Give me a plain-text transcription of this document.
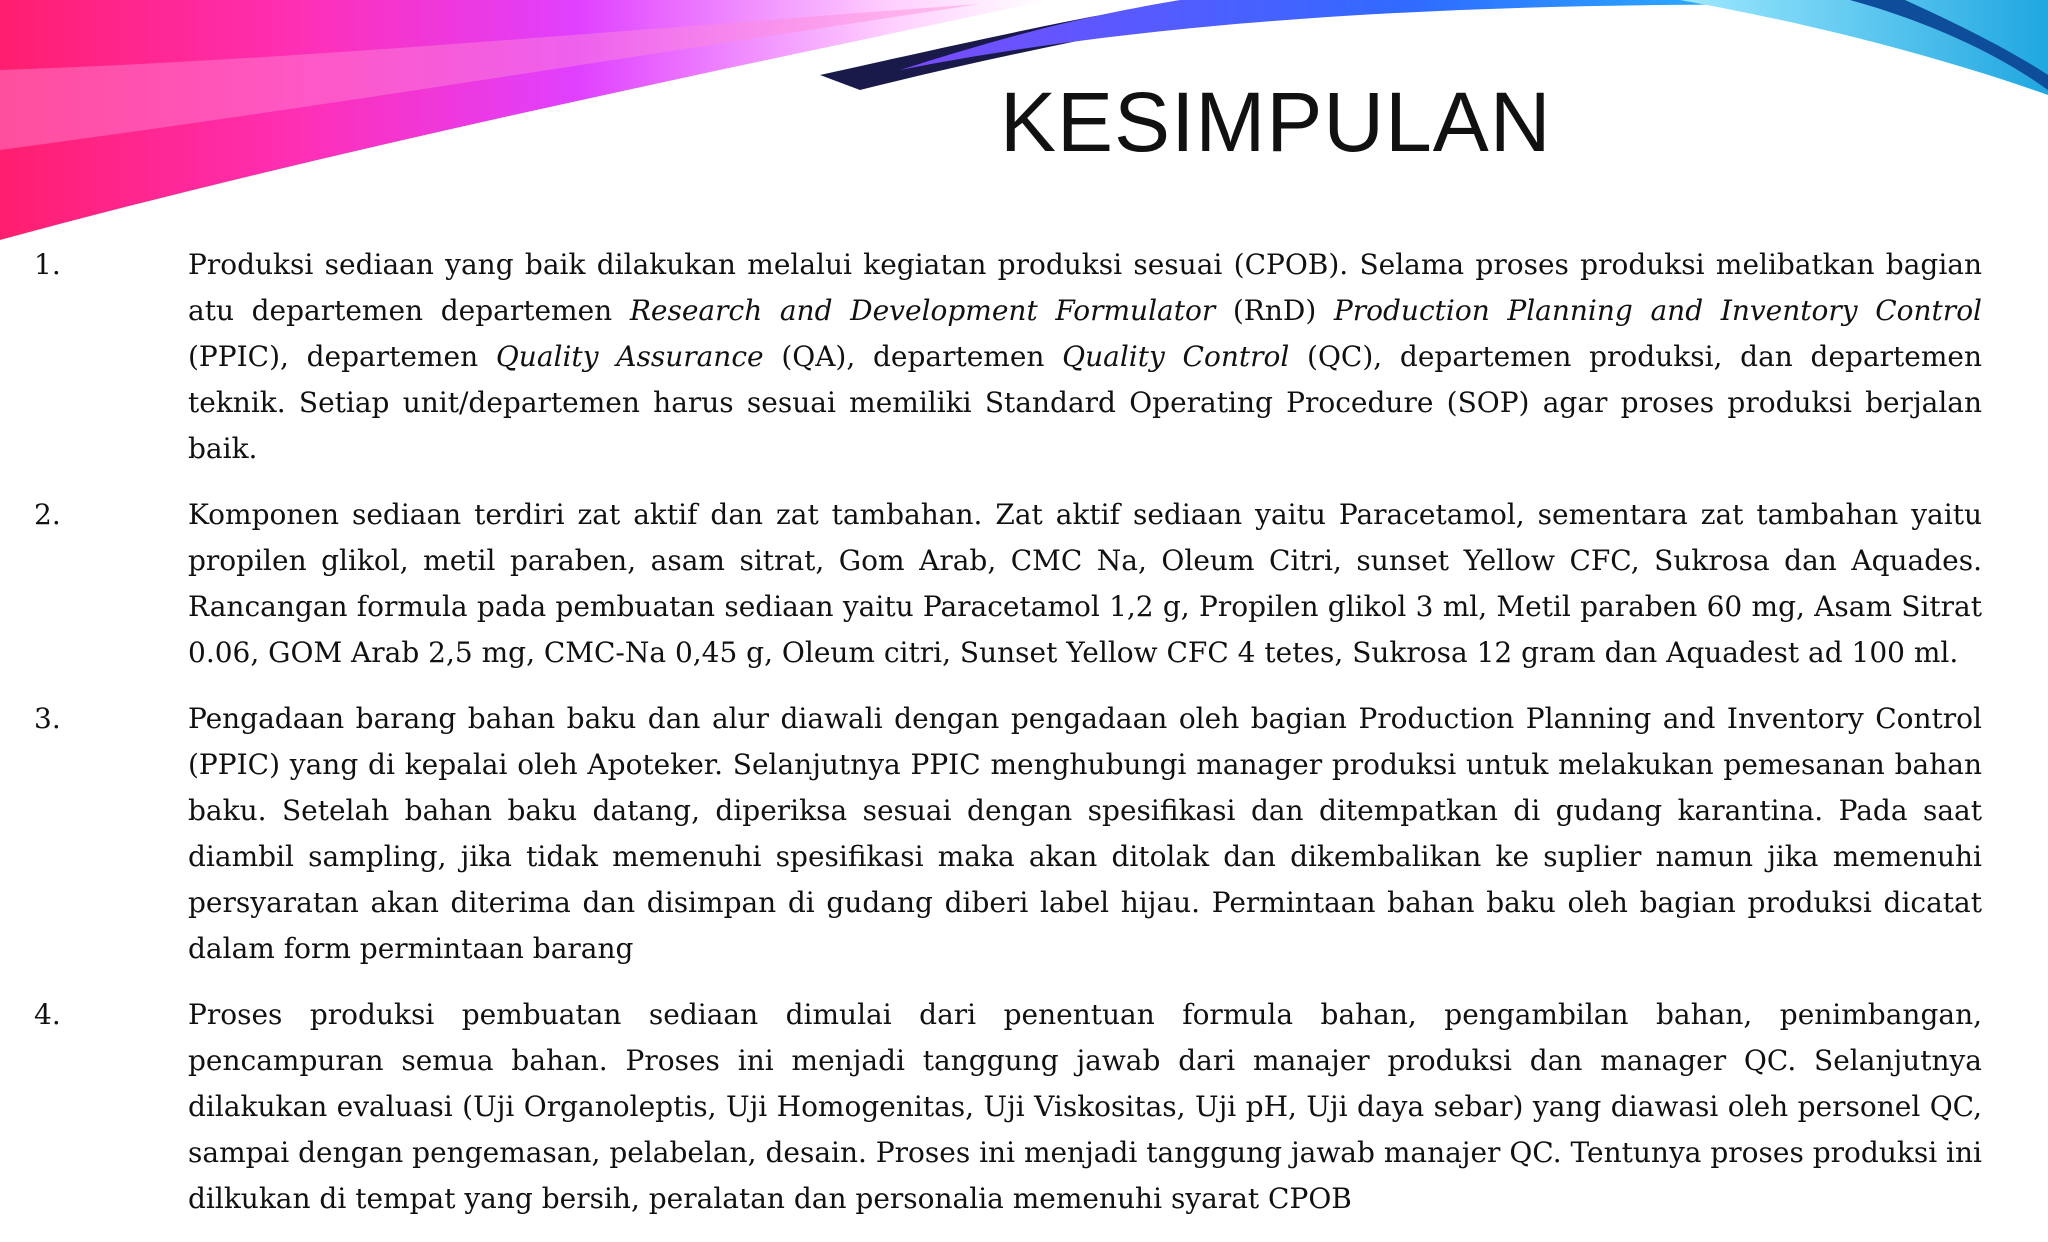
KESIMPULAN
1.	Produksi sediaan yang baik dilakukan melalui kegiatan produksi sesuai (CPOB). Selama proses produksi melibatkan bagian atu departemen departemen Research and Development Formulator (RnD) Production Planning and Inventory Control (PPIC), departemen Quality Assurance (QA), departemen Quality Control (QC), departemen produksi, dan departemen teknik. Setiap unit/departemen harus sesuai memiliki Standard Operating Procedure (SOP) agar proses produksi berjalan baik.
2.	Komponen sediaan terdiri zat aktif dan zat tambahan. Zat aktif sediaan yaitu Paracetamol, sementara zat tambahan yaitu propilen glikol, metil paraben, asam sitrat, Gom Arab, CMC Na, Oleum Citri, sunset Yellow CFC, Sukrosa dan Aquades. Rancangan formula pada pembuatan sediaan yaitu Paracetamol 1,2 g, Propilen glikol 3 ml, Metil paraben 60 mg, Asam Sitrat 0.06, GOM Arab 2,5 mg, CMC-Na 0,45 g, Oleum citri, Sunset Yellow CFC 4 tetes, Sukrosa 12 gram dan Aquadest ad 100 ml.
3.	Pengadaan barang bahan baku dan alur diawali dengan pengadaan oleh bagian Production Planning and Inventory Control (PPIC) yang di kepalai oleh Apoteker. Selanjutnya PPIC menghubungi manager produksi untuk melakukan pemesanan bahan baku. Setelah bahan baku datang, diperiksa sesuai dengan spesifikasi dan ditempatkan di gudang karantina. Pada saat diambil sampling, jika tidak memenuhi spesifikasi maka akan ditolak dan dikembalikan ke suplier namun jika memenuhi persyaratan akan diterima dan disimpan di gudang diberi label hijau. Permintaan bahan baku oleh bagian produksi dicatat dalam form permintaan barang
4.	Proses produksi pembuatan sediaan dimulai dari penentuan formula bahan, pengambilan bahan, penimbangan, pencampuran semua bahan. Proses ini menjadi tanggung jawab dari manajer produksi dan manager QC. Selanjutnya dilakukan evaluasi (Uji Organoleptis, Uji Homogenitas, Uji Viskositas, Uji pH, Uji daya sebar) yang diawasi oleh personel QC, sampai dengan pengemasan, pelabelan, desain. Proses ini menjadi tanggung jawab manajer QC. Tentunya proses produksi ini dilkukan di tempat yang bersih, peralatan dan personalia memenuhi syarat CPOB
